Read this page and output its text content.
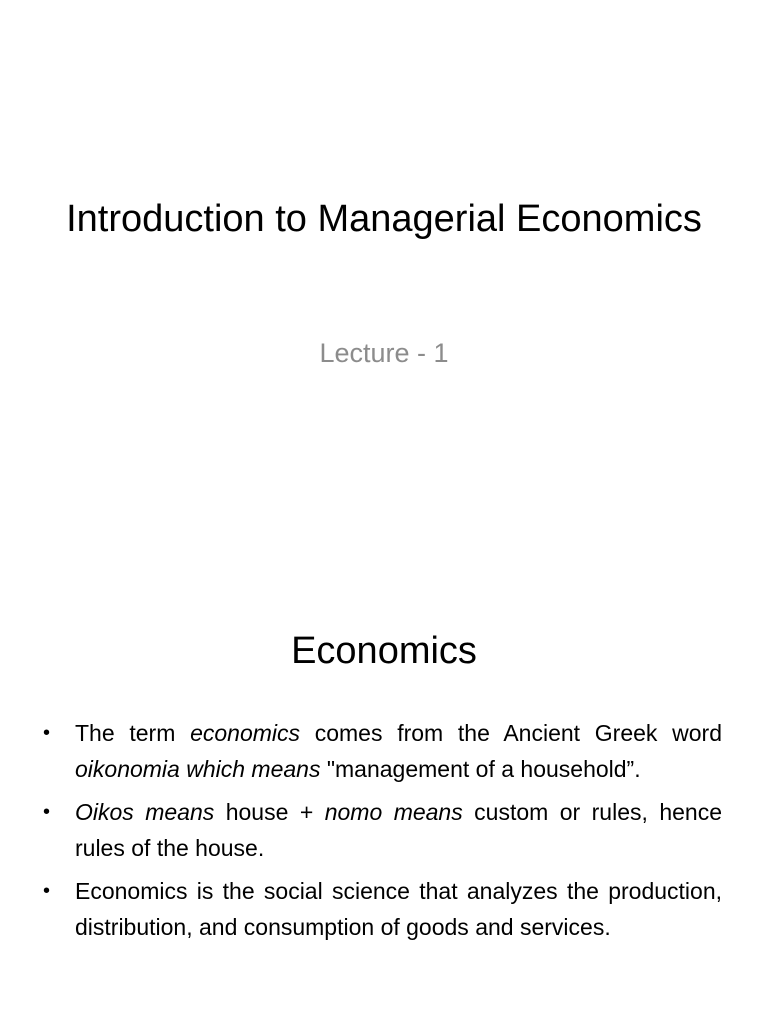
Introduction to Managerial Economics
Lecture - 1
Economics
• The term economics comes from the Ancient Greek word oikonomia which means "management of a household”.
• Oikos means house + nomo means custom or rules, hence rules of the house.
• Economics is the social science that analyzes the production, distribution, and consumption of goods and services.
